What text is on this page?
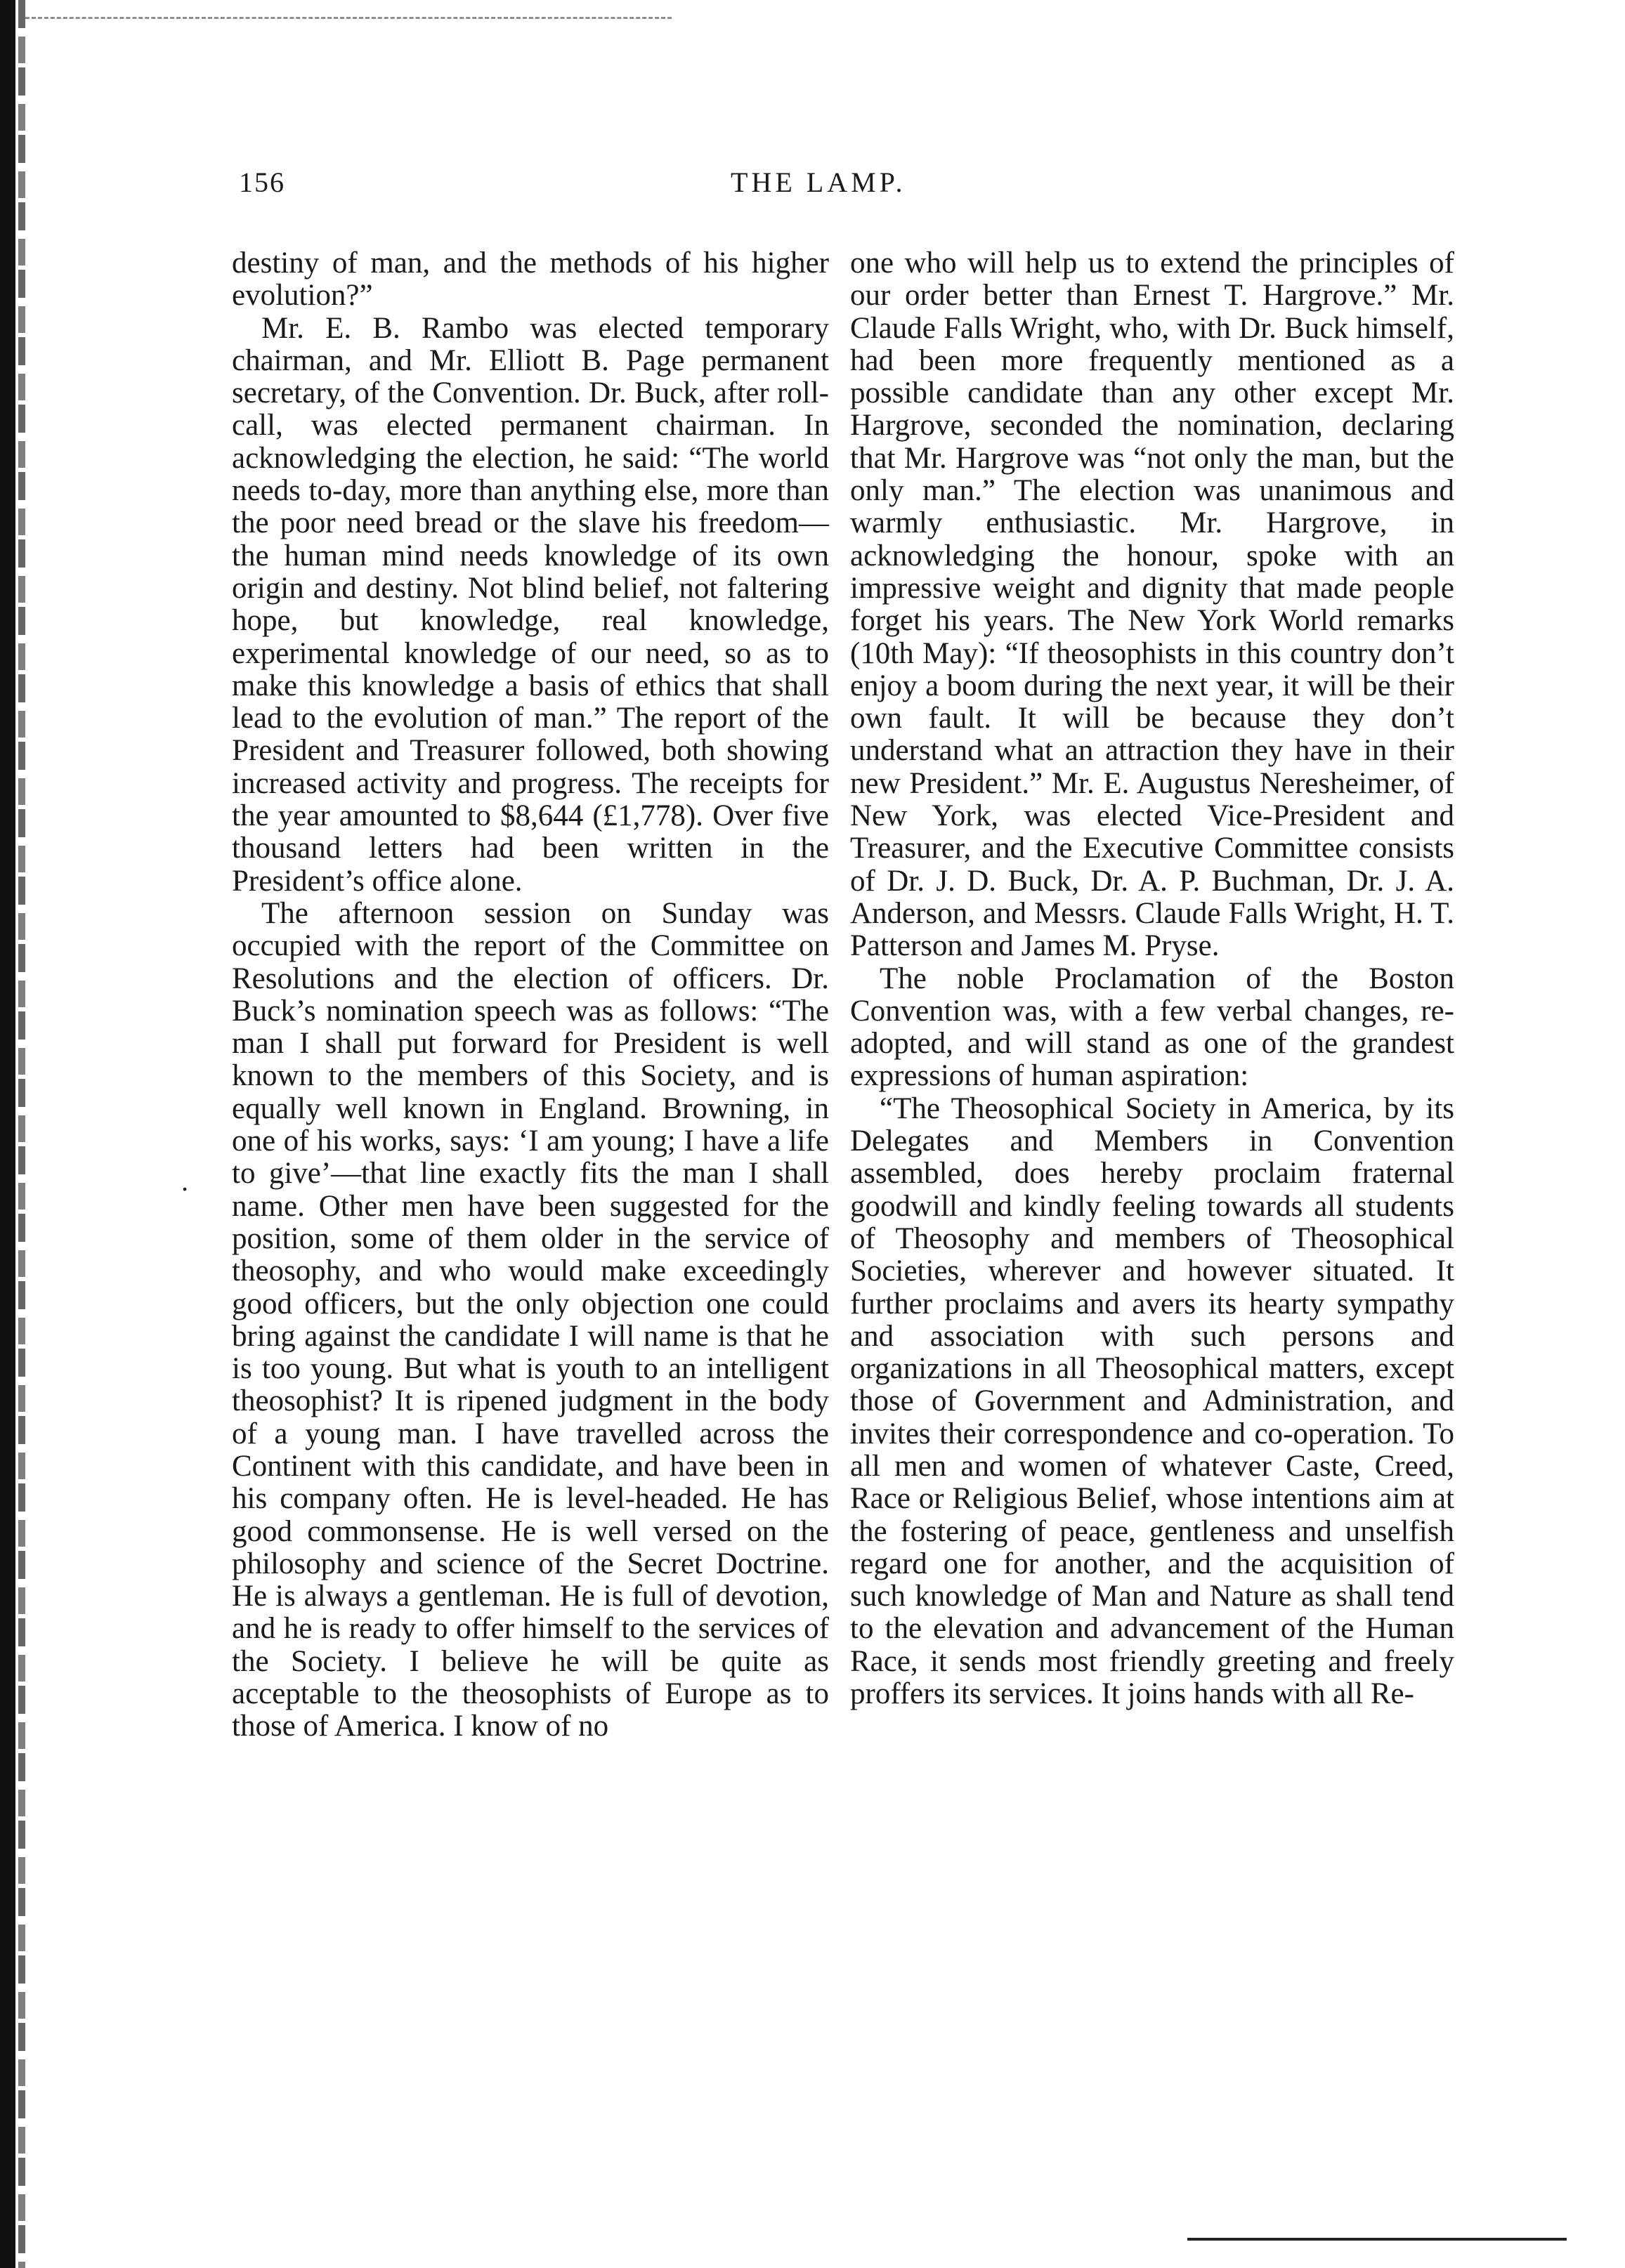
156	THE LAMP.

destiny of man, and the methods of his higher evolution?”

Mr. E. B. Rambo was elected temporary chairman, and Mr. Elliott B. Page permanent secretary, of the Convention. Dr. Buck, after roll-call, was elected permanent chairman. In acknowledging the election, he said: “The world needs to-day, more than anything else, more than the poor need bread or the slave his freedom—the human mind needs knowledge of its own origin and destiny. Not blind belief, not faltering hope, but knowledge, real knowledge, experimental knowledge of our need, so as to make this knowledge a basis of ethics that shall lead to the evolution of man.” The report of the President and Treasurer followed, both showing increased activity and progress. The receipts for the year amounted to $8,644 (£1,778). Over five thousand letters had been written in the President’s office alone.

The afternoon session on Sunday was occupied with the report of the Committee on Resolutions and the election of officers. Dr. Buck’s nomination speech was as follows: “The man I shall put forward for President is well known to the members of this Society, and is equally well known in England. Browning, in one of his works, says: ‘I am young; I have a life to give’—that line exactly fits the man I shall name. Other men have been suggested for the position, some of them older in the service of theosophy, and who would make exceedingly good officers, but the only objection one could bring against the candidate I will name is that he is too young. But what is youth to an intelligent theosophist? It is ripened judgment in the body of a young man. I have travelled across the Continent with this candidate, and have been in his company often. He is level-headed. He has good commonsense. He is well versed on the philosophy and science of the Secret Doctrine. He is always a gentleman. He is full of devotion, and he is ready to offer himself to the services of the Society. I believe he will be quite as acceptable to the theosophists of Europe as to those of America. I know of no

.

one who will help us to extend the principles of our order better than Ernest T. Hargrove.” Mr. Claude Falls Wright, who, with Dr. Buck himself, had been more frequently mentioned as a possible candidate than any other except Mr. Hargrove, seconded the nomination, declaring that Mr. Hargrove was “not only the man, but the only man.” The election was unanimous and warmly enthusiastic. Mr. Hargrove, in acknowledging the honour, spoke with an impressive weight and dignity that made people forget his years. The New York World remarks (10th May): “If theosophists in this country don’t enjoy a boom during the next year, it will be their own fault. It will be because they don’t understand what an attraction they have in their new President.” Mr. E. Augustus Neresheimer, of New York, was elected Vice-President and Treasurer, and the Executive Committee consists of Dr. J. D. Buck, Dr. A. P. Buchman, Dr. J. A. Anderson, and Messrs. Claude Falls Wright, H. T. Patterson and James M. Pryse.

The noble Proclamation of the Boston Convention was, with a few verbal changes, re-adopted, and will stand as one of the grandest expressions of human aspiration:

“The Theosophical Society in America, by its Delegates and Members in Convention assembled, does hereby proclaim fraternal goodwill and kindly feeling towards all students of Theosophy and members of Theosophical Societies, wherever and however situated. It further proclaims and avers its hearty sympathy and association with such persons and organizations in all Theosophical matters, except those of Government and Administration, and invites their correspondence and co-operation. To all men and women of whatever Caste, Creed, Race or Religious Belief, whose intentions aim at the fostering of peace, gentleness and unselfish regard one for another, and the acquisition of such knowledge of Man and Nature as shall tend to the elevation and advancement of the Human Race, it sends most friendly greeting and freely proffers its services. It joins hands with all Re-
